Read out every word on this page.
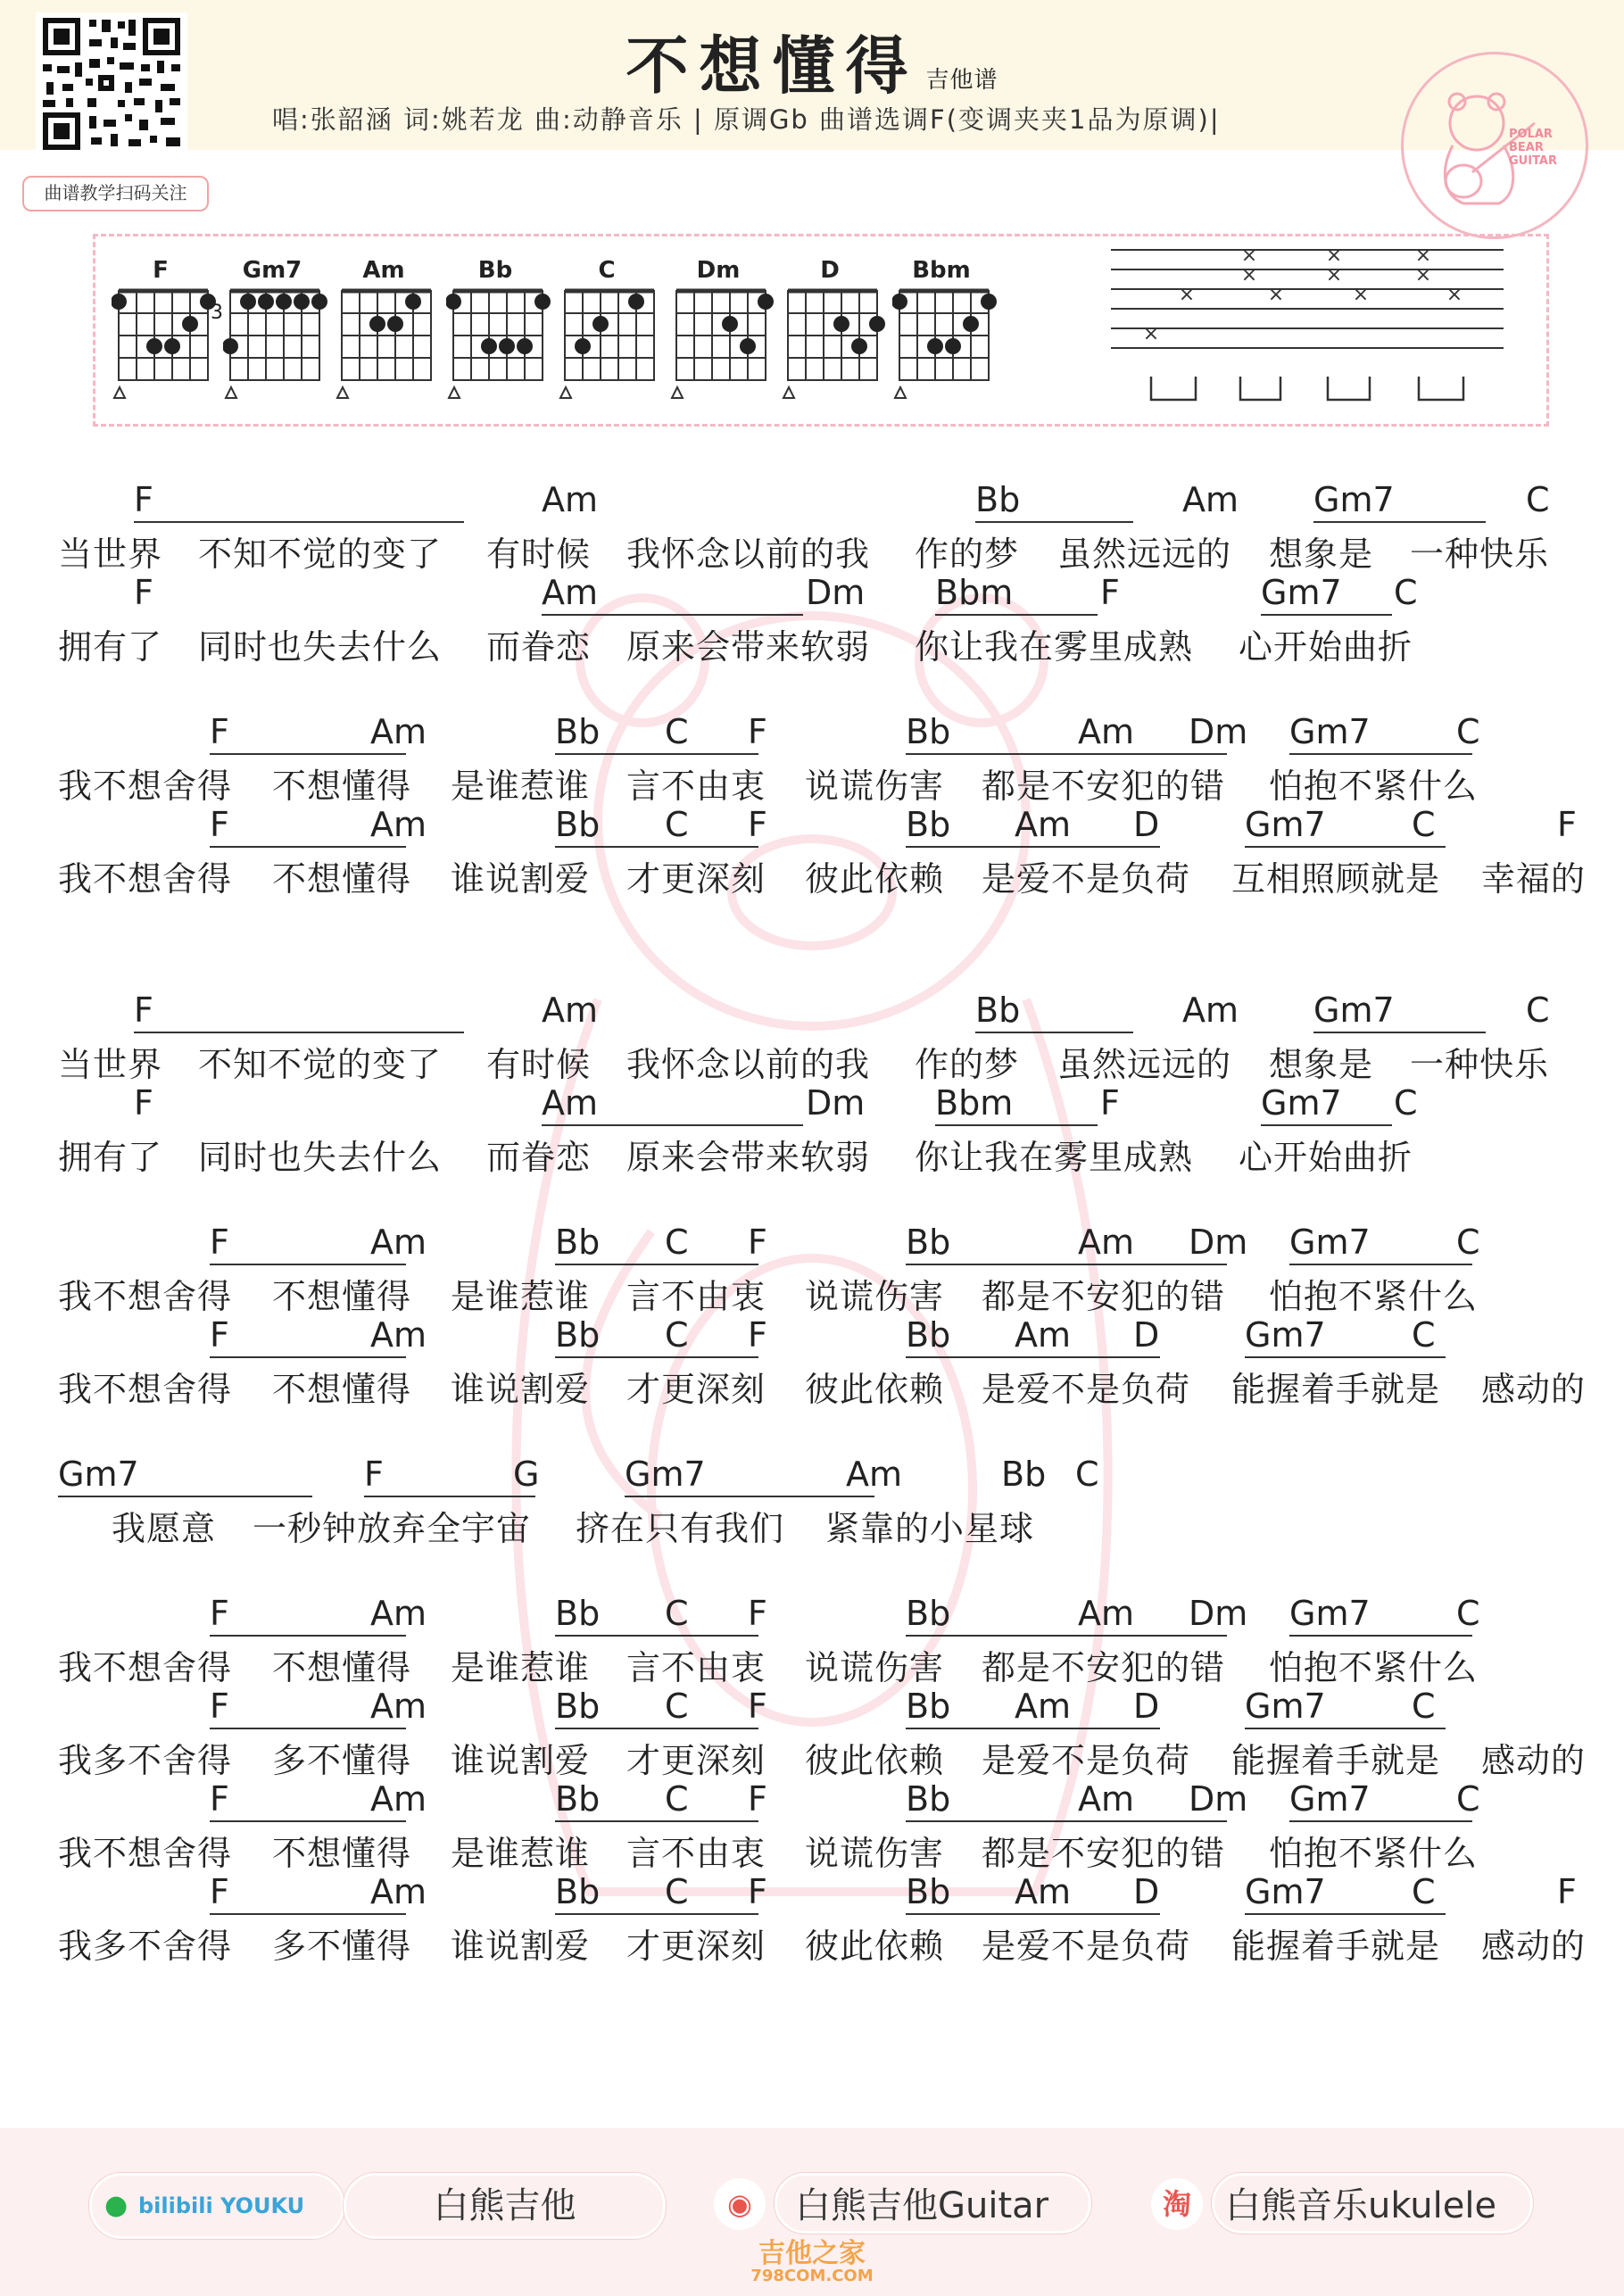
曲谱教学扫码关注
不想懂得 吉他谱
唱:张韶涵 词:姚若龙 曲:动静音乐 | 原调Gb 曲谱选调F(变调夹夹1品为原调)|	POLAR
BEAR
GUITAR
F	Gm7
3
Am	Bb	C	Dm	D	Bbm
×
×
×
×
×
×
×
×
×
×
×
F	Am	Bb	Am Gm7	C
当世界 不知不觉的变了 有时候 我怀念以前的我 作的梦 虽然远远的 想象是 一种快乐
F	Am	Dm Bbm	F	Gm7 C
拥有了 同时也失去什么 而眷恋 原来会带来软弱 你让我在雾里成熟 心开始曲折
F	Am	Bb C F	Bb	Am Dm Gm7	C
我不想舍得 不想懂得 是谁惹谁 言不由衷 说谎伤害 都是不安犯的错 怕抱不紧什么
F	Am	Bb C F	Bb Am D	Gm7	C	F
我不想舍得 不想懂得 谁说割爱 才更深刻 彼此依赖 是爱不是负荷 互相照顾就是 幸福的
F	Am	Bb	Am Gm7	C
当世界 不知不觉的变了 有时候 我怀念以前的我 作的梦 虽然远远的 想象是 一种快乐
F	Am	Dm Bbm	F	Gm7 C
拥有了 同时也失去什么 而眷恋 原来会带来软弱 你让我在雾里成熟 心开始曲折
F	Am	Bb C F	Bb	Am Dm Gm7	C
我不想舍得 不想懂得 是谁惹谁 言不由衷 说谎伤害 都是不安犯的错 怕抱不紧什么
F	Am	Bb C F	Bb Am D	Gm7	C
我不想舍得 不想懂得 谁说割爱 才更深刻 彼此依赖 是爱不是负荷 能握着手就是 感动的
Gm7	F	G	Gm7	Am	Bb C
我愿意 一秒钟放弃全宇宙 挤在只有我们 紧靠的小星球
F	Am	Bb C F	Bb	Am Dm Gm7	C
我不想舍得 不想懂得 是谁惹谁 言不由衷 说谎伤害 都是不安犯的错 怕抱不紧什么
F	Am	Bb C F	Bb Am D	Gm7	C
我多不舍得 多不懂得 谁说割爱 才更深刻 彼此依赖 是爱不是负荷 能握着手就是 感动的
F	Am	Bb C F	Bb	Am Dm Gm7	C
我不想舍得 不想懂得 是谁惹谁 言不由衷 说谎伤害 都是不安犯的错 怕抱不紧什么
F	Am	Bb C F	Bb Am D	Gm7	C	F
我多不舍得 多不懂得 谁说割爱 才更深刻 彼此依赖 是爱不是负荷 能握着手就是 感动的
● bilibili YOUKU	白熊吉他	◉	白熊吉他Guitar	淘 白熊音乐ukulele
吉他之家
798COM.COM
